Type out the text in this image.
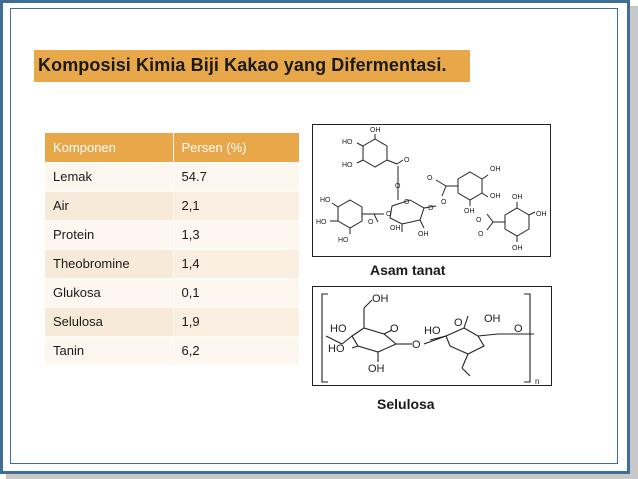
Komposisi Kimia Biji Kakao yang Difermentasi.
Komponen	Persen (%)
Lemak	54.7
Air	2,1
Protein	1,3
Theobromine	1,4
Glukosa	0,1
Selulosa	1,9
Tanin	6,2
OH
HO
HO
O
O
O
OH
O
OH
OH
HO
HO
O
O
O
O
O
OH
OH	O
OH
OH
HO
OH
Asam tanat
OH
O
HO
HO
OH
O
O
HO
O OH
n
Selulosa
